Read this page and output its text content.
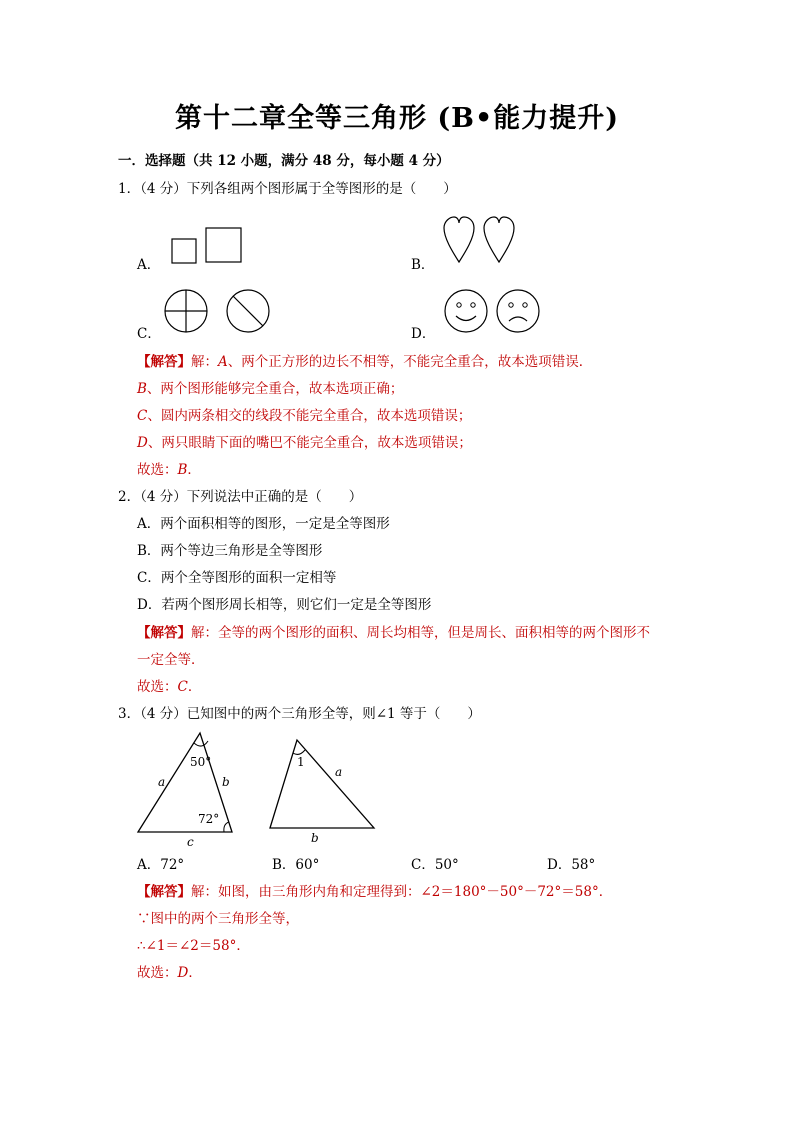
第十二章全等三角形 (B•能力提升)
一．选择题（共 12 小题，满分 48 分，每小题 4 分）
1．（4 分）下列各组两个图形属于全等图形的是（　　）
A．	B．
C．	D．
【解答】解：A、两个正方形的边长不相等，不能完全重合，故本选项错误．
B、两个图形能够完全重合，故本选项正确；
C、圆内两条相交的线段不能完全重合，故本选项错误；
D、两只眼睛下面的嘴巴不能完全重合，故本选项错误；
故选：B．
2．（4 分）下列说法中正确的是（　　）
A．两个面积相等的图形，一定是全等图形
B．两个等边三角形是全等图形
C．两个全等图形的面积一定相等
D．若两个图形周长相等，则它们一定是全等图形
【解答】解：全等的两个图形的面积、周长均相等，但是周长、面积相等的两个图形不
一定全等．
故选：C．
3．（4 分）已知图中的两个三角形全等，则∠1 等于（　　）
50°
72°
a	b
c
1
a
b
A．72°	B．60°	C．50°	D．58°
【解答】解：如图，由三角形内角和定理得到：∠2＝180°－50°－72°＝58°．
∵图中的两个三角形全等，
∴∠1＝∠2＝58°．
故选：D．
